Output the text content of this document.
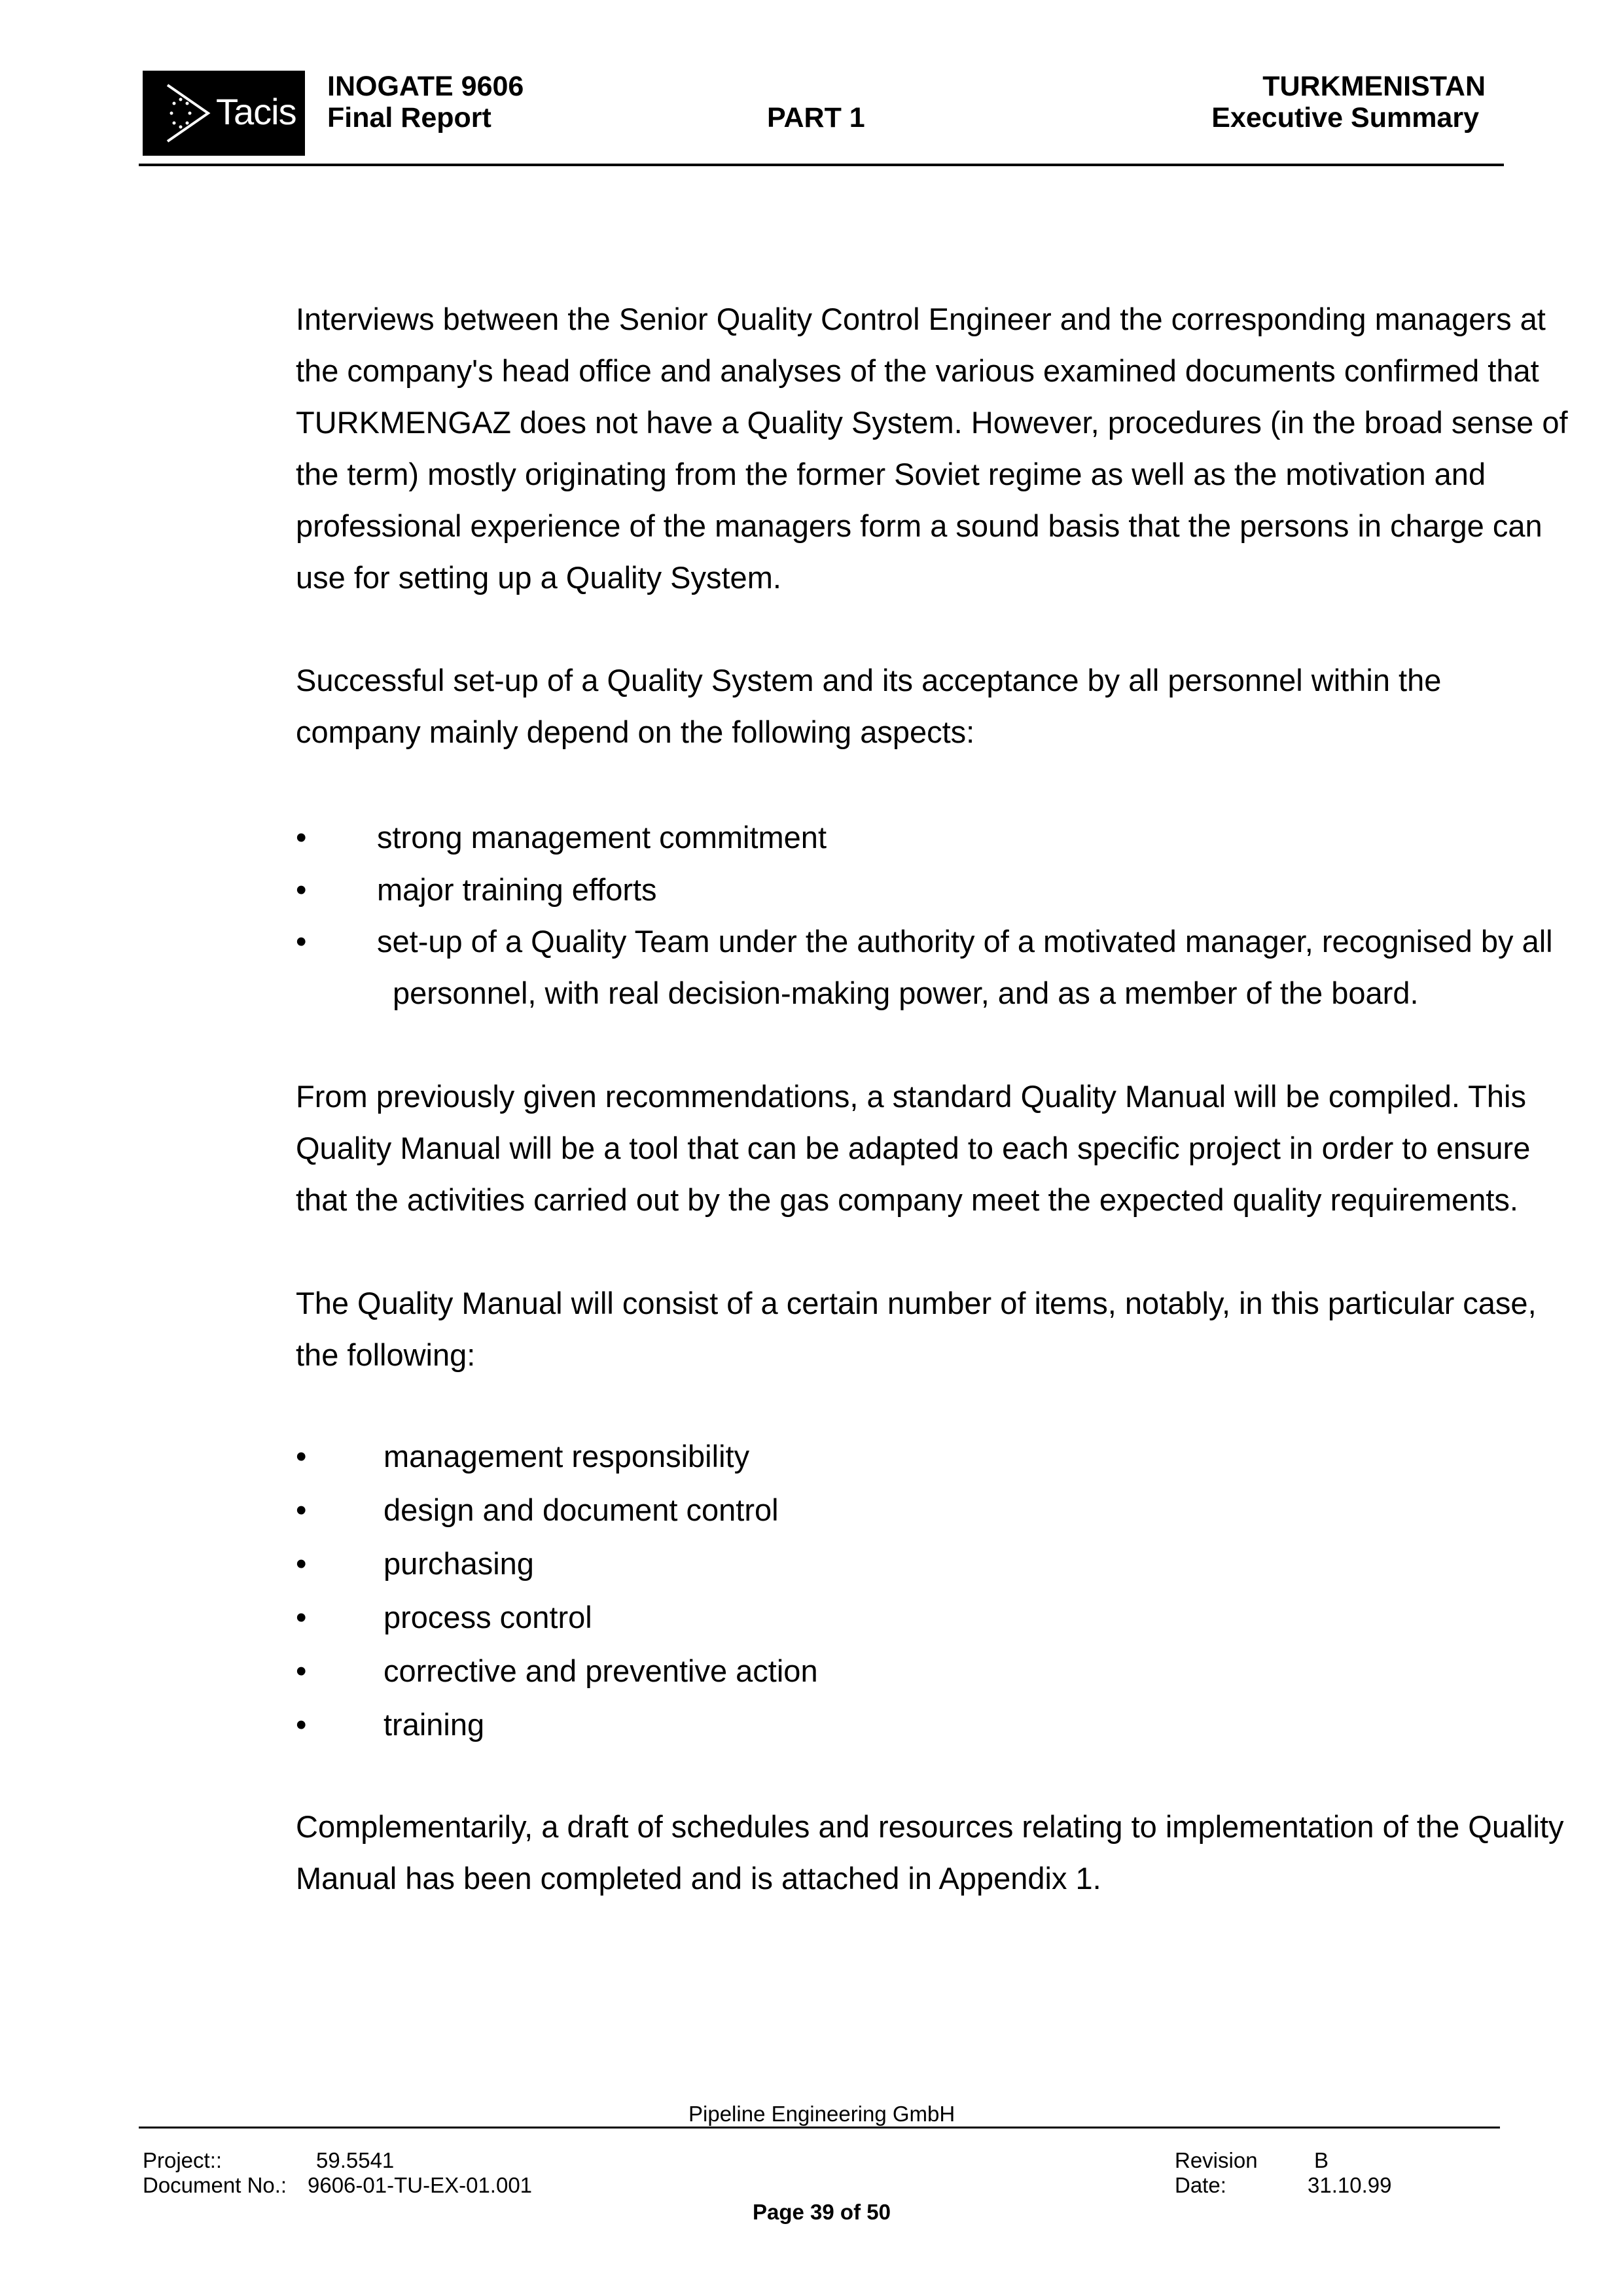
Tacis
INOGATE 9606
Final Report	PART 1
TURKMENISTAN
Executive Summary
Interviews between the Senior Quality Control Engineer and the corresponding managers at
the company's head office and analyses of the various examined documents confirmed that
TURKMENGAZ does not have a Quality System. However, procedures (in the broad sense of
the term) mostly originating from the former Soviet regime as well as the motivation and
professional experience of the managers form a sound basis that the persons in charge can
use for setting up a Quality System.
Successful set-up of a Quality System and its acceptance by all personnel within the
company mainly depend on the following aspects:
• strong management commitment
• major training efforts
• set-up of a Quality Team under the authority of a motivated manager, recognised by all
personnel, with real decision-making power, and as a member of the board.
From previously given recommendations, a standard Quality Manual will be compiled. This
Quality Manual will be a tool that can be adapted to each specific project in order to ensure
that the activities carried out by the gas company meet the expected quality requirements.
The Quality Manual will consist of a certain number of items, notably, in this particular case,
the following:
•	management responsibility
•	design and document control
•	purchasing
•	process control
•	corrective and preventive action
•	training
Complementarily, a draft of schedules and resources relating to implementation of the Quality
Manual has been completed and is attached in Appendix 1.
Pipeline Engineering GmbH
Project::	59.5541
Document No.: 9606-01-TU-EX-01.001
Revision	B
Date:	31.10.99
Page 39 of 50
